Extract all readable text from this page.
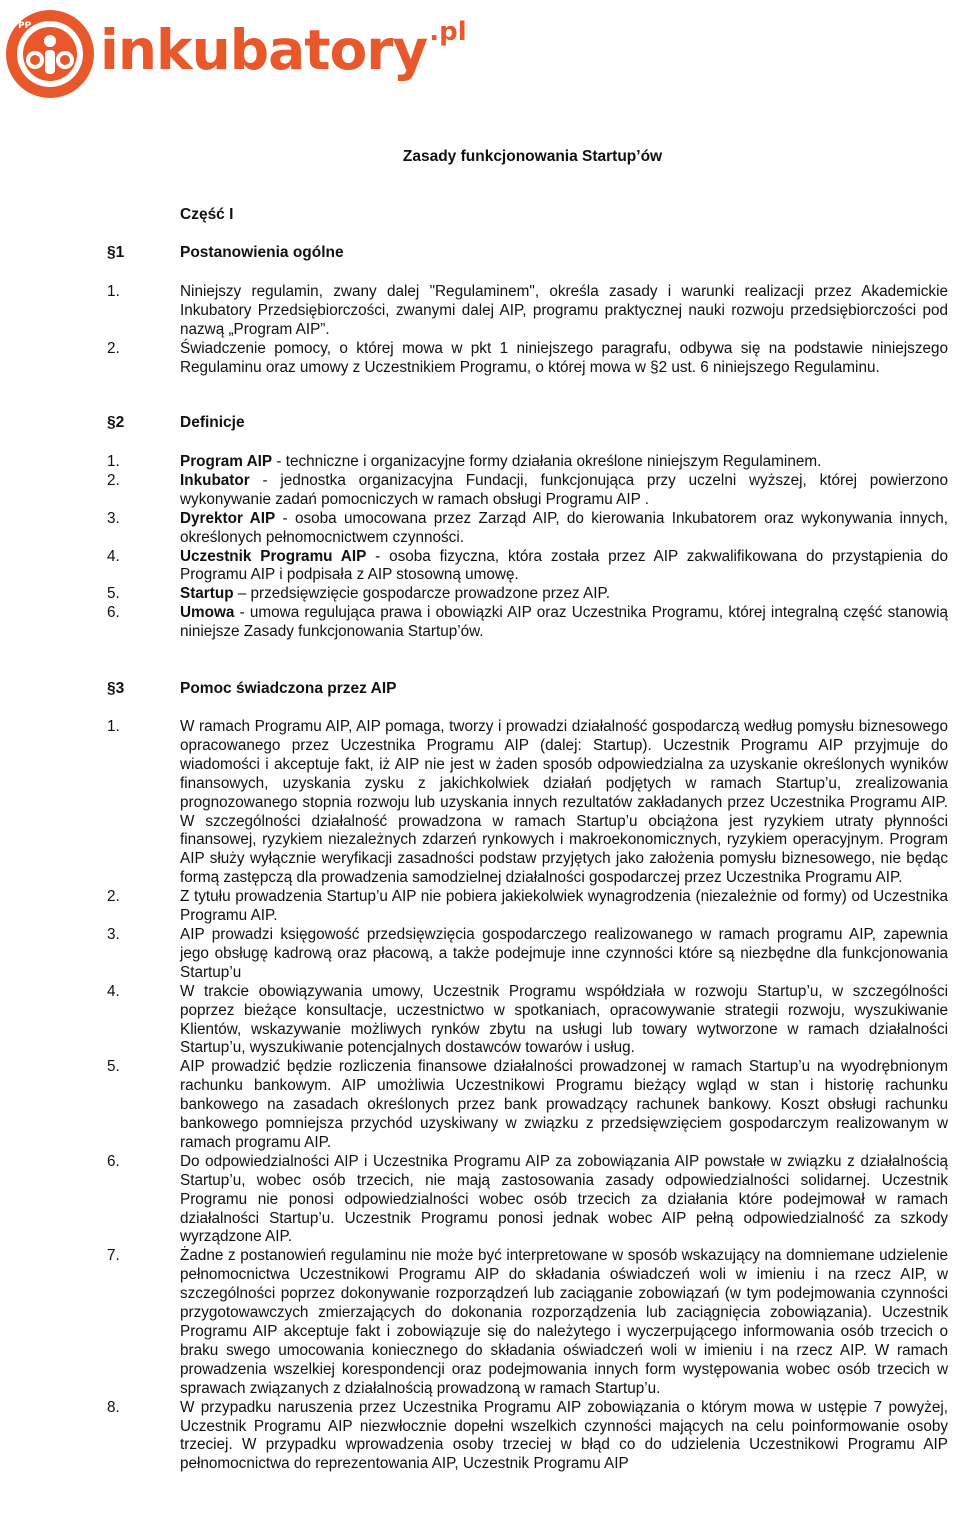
PP inkubatory .pl
Zasady funkcjonowania Startup’ów
Część I
§1	Postanowienia ogólne
1.	Niniejszy regulamin, zwany dalej "Regulaminem", określa zasady i warunki realizacji przez Akademickie Inkubatory Przedsiębiorczości, zwanymi dalej AIP, programu praktycznej nauki rozwoju przedsiębiorczości pod nazwą „Program AIP”.
2.	Świadczenie pomocy, o której mowa w pkt 1 niniejszego paragrafu, odbywa się na podstawie niniejszego Regulaminu oraz umowy z Uczestnikiem Programu, o której mowa w §2 ust. 6 niniejszego Regulaminu.
§2	Definicje
1.	Program AIP - techniczne i organizacyjne formy działania określone niniejszym Regulaminem.
2.	Inkubator - jednostka organizacyjna Fundacji, funkcjonująca przy uczelni wyższej, której powierzono wykonywanie zadań pomocniczych w ramach obsługi Programu AIP .
3.	Dyrektor AIP - osoba umocowana przez Zarząd AIP, do kierowania Inkubatorem oraz wykonywania innych, określonych pełnomocnictwem czynności.
4.	Uczestnik Programu AIP - osoba fizyczna, która została przez AIP zakwalifikowana do przystąpienia do Programu AIP i podpisała z AIP stosowną umowę.
5.	Startup – przedsięwzięcie gospodarcze prowadzone przez AIP.
6.	Umowa - umowa regulująca prawa i obowiązki AIP oraz Uczestnika Programu, której integralną część stanowią niniejsze Zasady funkcjonowania Startup’ów.
§3	Pomoc świadczona przez AIP
1.	W ramach Programu AIP, AIP pomaga, tworzy i prowadzi działalność gospodarczą według pomysłu biznesowego opracowanego przez Uczestnika Programu AIP (dalej: Startup). Uczestnik Programu AIP przyjmuje do wiadomości i akceptuje fakt, iż AIP nie jest w żaden sposób odpowiedzialna za uzyskanie określonych wyników finansowych, uzyskania zysku z jakichkolwiek działań podjętych w ramach Startup’u, zrealizowania prognozowanego stopnia rozwoju lub uzyskania innych rezultatów zakładanych przez Uczestnika Programu AIP. W szczególności działalność prowadzona w ramach Startup’u obciążona jest ryzykiem utraty płynności finansowej, ryzykiem niezależnych zdarzeń rynkowych i makroekonomicznych, ryzykiem operacyjnym. Program AIP służy wyłącznie weryfikacji zasadności podstaw przyjętych jako założenia pomysłu biznesowego, nie będąc formą zastępczą dla prowadzenia samodzielnej działalności gospodarczej przez Uczestnika Programu AIP.
2.	Z tytułu prowadzenia Startup’u AIP nie pobiera jakiekolwiek wynagrodzenia (niezależnie od formy) od Uczestnika Programu AIP.
3.	AIP prowadzi księgowość przedsięwzięcia gospodarczego realizowanego w ramach programu AIP, zapewnia jego obsługę kadrową oraz płacową, a także podejmuje inne czynności które są niezbędne dla funkcjonowania Startup’u
4.	W trakcie obowiązywania umowy, Uczestnik Programu współdziała w rozwoju Startup’u, w szczególności poprzez bieżące konsultacje, uczestnictwo w spotkaniach, opracowywanie strategii rozwoju, wyszukiwanie Klientów, wskazywanie możliwych rynków zbytu na usługi lub towary wytworzone w ramach działalności Startup’u, wyszukiwanie potencjalnych dostawców towarów i usług.
5.	AIP prowadzić będzie rozliczenia finansowe działalności prowadzonej w ramach Startup’u na wyodrębnionym rachunku bankowym. AIP umożliwia Uczestnikowi Programu bieżący wgląd w stan i historię rachunku bankowego na zasadach określonych przez bank prowadzący rachunek bankowy. Koszt obsługi rachunku bankowego pomniejsza przychód uzyskiwany w związku z przedsięwzięciem gospodarczym realizowanym w ramach programu AIP.
6.	Do odpowiedzialności AIP i Uczestnika Programu AIP za zobowiązania AIP powstałe w związku z działalnością Startup’u, wobec osób trzecich, nie mają zastosowania zasady odpowiedzialności solidarnej. Uczestnik Programu nie ponosi odpowiedzialności wobec osób trzecich za działania które podejmował w ramach działalności Startup’u. Uczestnik Programu ponosi jednak wobec AIP pełną odpowiedzialność za szkody wyrządzone AIP.
7.	Żadne z postanowień regulaminu nie może być interpretowane w sposób wskazujący na domniemane udzielenie pełnomocnictwa Uczestnikowi Programu AIP do składania oświadczeń woli w imieniu i na rzecz AIP, w szczególności poprzez dokonywanie rozporządzeń lub zaciąganie zobowiązań (w tym podejmowania czynności przygotowawczych zmierzających do dokonania rozporządzenia lub zaciągnięcia zobowiązania). Uczestnik Programu AIP akceptuje fakt i zobowiązuje się do należytego i wyczerpującego informowania osób trzecich o braku swego umocowania koniecznego do składania oświadczeń woli w imieniu i na rzecz AIP. W ramach prowadzenia wszelkiej korespondencji oraz podejmowania innych form występowania wobec osób trzecich w sprawach związanych z działalnością prowadzoną w ramach Startup’u.
8.	W przypadku naruszenia przez Uczestnika Programu AIP zobowiązania o którym mowa w ustępie 7 powyżej, Uczestnik Programu AIP niezwłocznie dopełni wszelkich czynności mających na celu poinformowanie osoby trzeciej. W przypadku wprowadzenia osoby trzeciej w błąd co do udzielenia Uczestnikowi Programu AIP pełnomocnictwa do reprezentowania AIP, Uczestnik Programu AIP
